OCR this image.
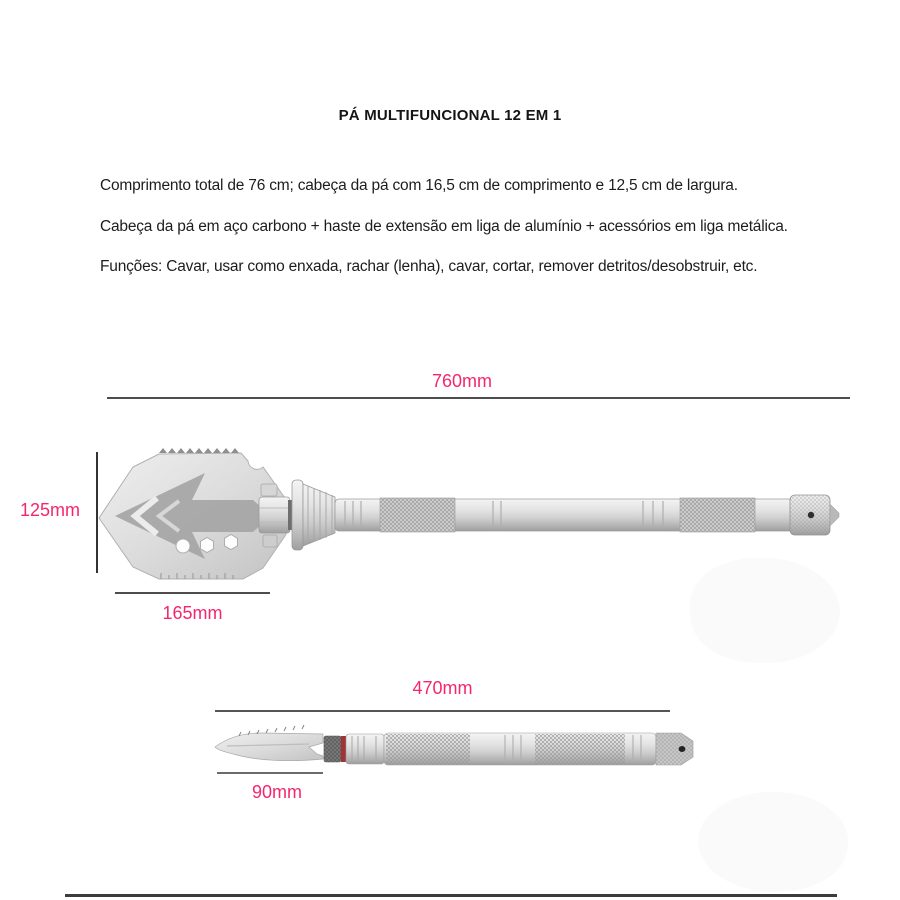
PÁ MULTIFUNCIONAL 12 EM 1
Comprimento total de 76 cm; cabeça da pá com 16,5 cm de comprimento e 12,5 cm de largura.
Cabeça da pá em aço carbono + haste de extensão em liga de alumínio + acessórios em liga metálica.
Funções: Cavar, usar como enxada, rachar (lenha), cavar, cortar, remover detritos/desobstruir, etc.
760mm
125mm
165mm
470mm
90mm
